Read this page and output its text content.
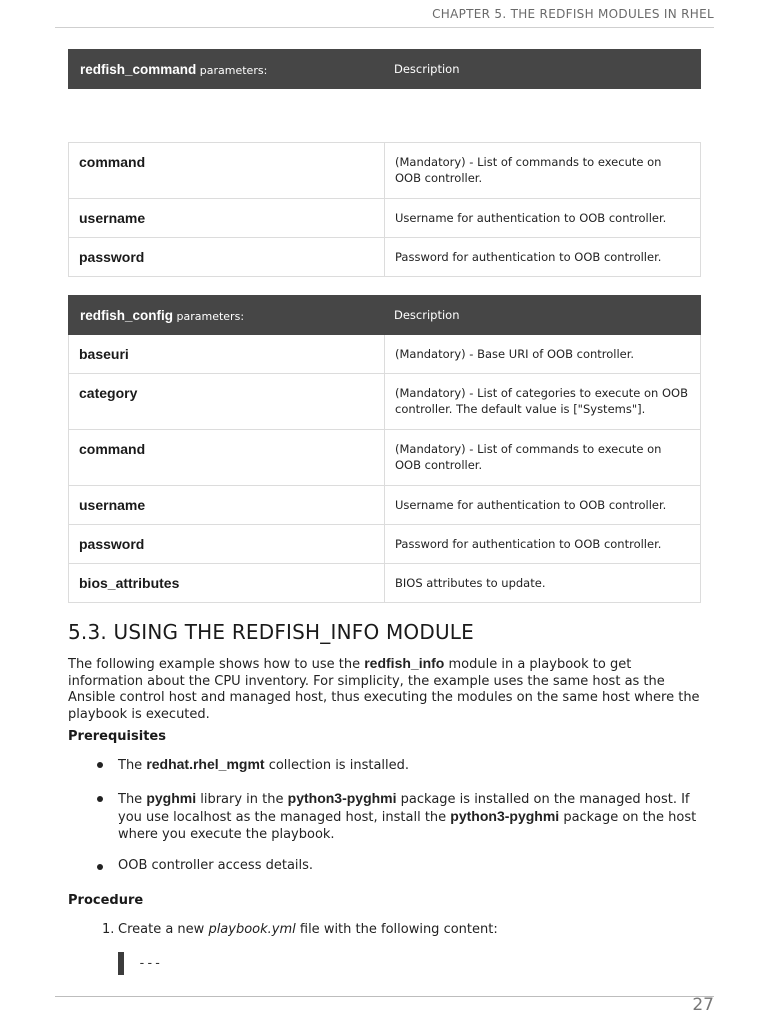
CHAPTER 5. THE REDFISH MODULES IN RHEL
redfish_command parameters:	Description
command	(Mandatory) - List of commands to execute on OOB controller.
username	Username for authentication to OOB controller.
password	Password for authentication to OOB controller.
redfish_config parameters:	Description
baseuri	(Mandatory) - Base URI of OOB controller.
category	(Mandatory) - List of categories to execute on OOB controller. The default value is ["Systems"].
command	(Mandatory) - List of commands to execute on OOB controller.
username	Username for authentication to OOB controller.
password	Password for authentication to OOB controller.
bios_attributes	BIOS attributes to update.
5.3. USING THE REDFISH_INFO MODULE

The following example shows how to use the redfish_info module in a playbook to get information about the CPU inventory. For simplicity, the example uses the same host as the Ansible control host and managed host, thus executing the modules on the same host where the playbook is executed.

Prerequisites
The redhat.rhel_mgmt collection is installed.
The pyghmi library in the python3-pyghmi package is installed on the managed host. If you use localhost as the managed host, install the python3-pyghmi package on the host where you execute the playbook.
OOB controller access details.
Procedure
1. Create a new playbook.yml file with the following content:
---
27
